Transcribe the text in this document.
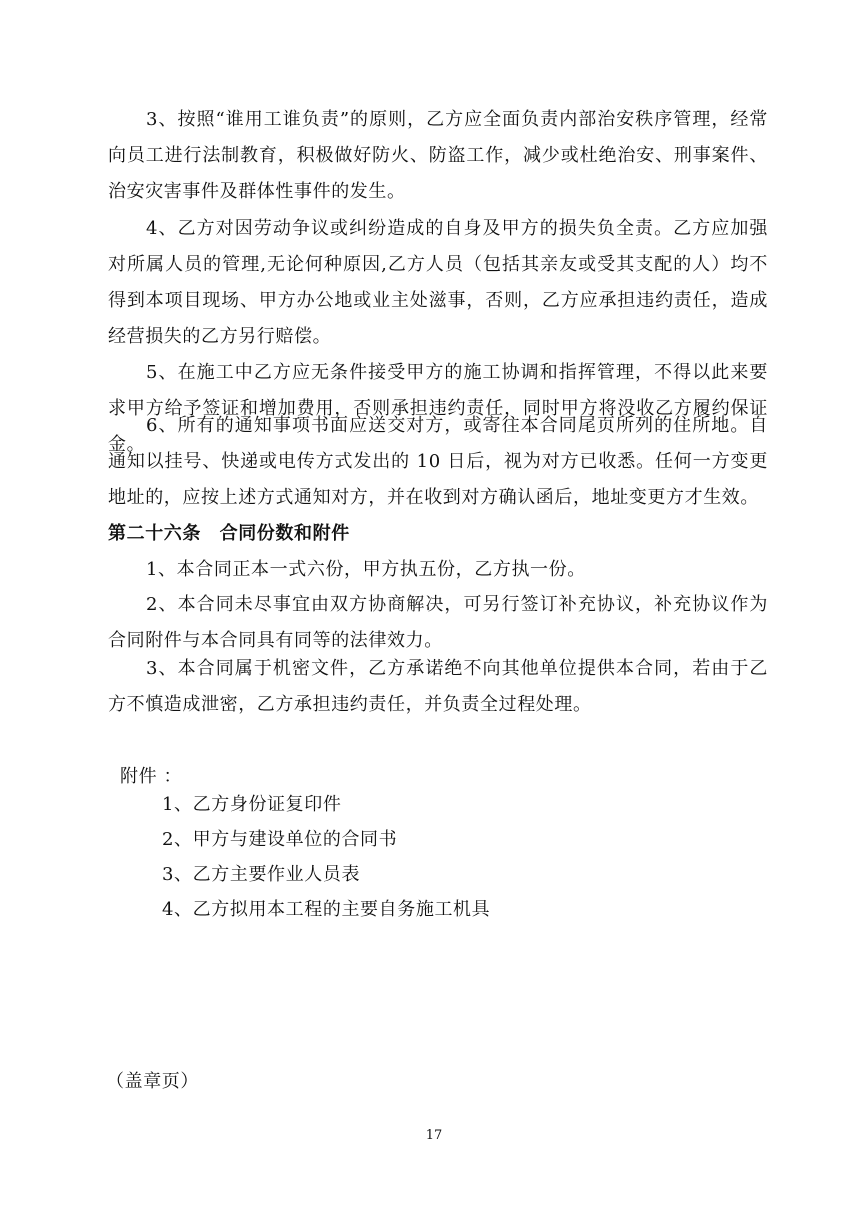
3、按照“谁用工谁负责”的原则，乙方应全面负责内部治安秩序管理，经常向员工进行法制教育，积极做好防火、防盗工作，减少或杜绝治安、刑事案件、治安灾害事件及群体性事件的发生。

4、乙方对因劳动争议或纠纷造成的自身及甲方的损失负全责。乙方应加强对所属人员的管理,无论何种原因,乙方人员（包括其亲友或受其支配的人）均不得到本项目现场、甲方办公地或业主处滋事，否则，乙方应承担违约责任，造成经营损失的乙方另行赔偿。

5、在施工中乙方应无条件接受甲方的施工协调和指挥管理，不得以此来要求甲方给予签证和增加费用，否则承担违约责任，同时甲方将没收乙方履约保证金。

6、所有的通知事项书面应送交对方，或寄往本合同尾页所列的住所地。自通知以挂号、快递或电传方式发出的 10 日后，视为对方已收悉。任何一方变更地址的，应按上述方式通知对方，并在收到对方确认函后，地址变更方才生效。

第二十六条　合同份数和附件

1、本合同正本一式六份，甲方执五份，乙方执一份。

2、本合同未尽事宜由双方协商解决，可另行签订补充协议，补充协议作为合同附件与本合同具有同等的法律效力。

3、本合同属于机密文件，乙方承诺绝不向其他单位提供本合同，若由于乙方不慎造成泄密，乙方承担违约责任，并负责全过程处理。

附件 ：

1、乙方身份证复印件

2、甲方与建设单位的合同书

3、乙方主要作业人员表

4、乙方拟用本工程的主要自务施工机具

（盖章页）

17
